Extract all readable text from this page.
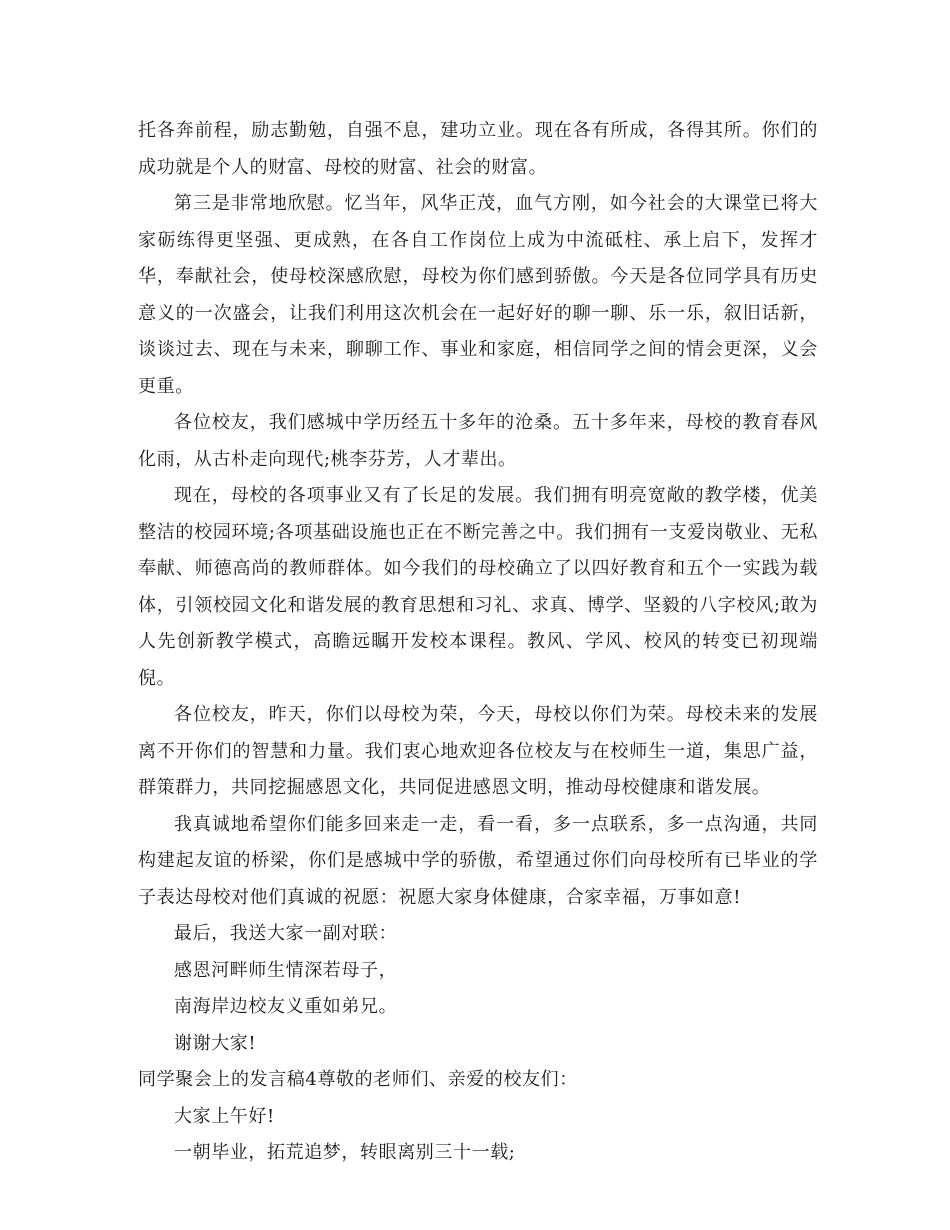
托各奔前程，励志勤勉，自强不息，建功立业。现在各有所成，各得其所。你们的成功就是个人的财富、母校的财富、社会的财富。

第三是非常地欣慰。忆当年，风华正茂，血气方刚，如今社会的大课堂已将大家砺练得更坚强、更成熟，在各自工作岗位上成为中流砥柱、承上启下，发挥才华，奉献社会，使母校深感欣慰，母校为你们感到骄傲。今天是各位同学具有历史意义的一次盛会，让我们利用这次机会在一起好好的聊一聊、乐一乐，叙旧话新，谈谈过去、现在与未来，聊聊工作、事业和家庭，相信同学之间的情会更深，义会更重。

各位校友，我们感城中学历经五十多年的沧桑。五十多年来，母校的教育春风化雨，从古朴走向现代;桃李芬芳，人才辈出。

现在，母校的各项事业又有了长足的发展。我们拥有明亮宽敞的教学楼，优美整洁的校园环境;各项基础设施也正在不断完善之中。我们拥有一支爱岗敬业、无私奉献、师德高尚的教师群体。如今我们的母校确立了以四好教育和五个一实践为载体，引领校园文化和谐发展的教育思想和习礼、求真、博学、坚毅的八字校风;敢为人先创新教学模式，高瞻远瞩开发校本课程。教风、学风、校风的转变已初现端倪。

各位校友，昨天，你们以母校为荣，今天，母校以你们为荣。母校未来的发展离不开你们的智慧和力量。我们衷心地欢迎各位校友与在校师生一道，集思广益，群策群力，共同挖掘感恩文化，共同促进感恩文明，推动母校健康和谐发展。

我真诚地希望你们能多回来走一走，看一看，多一点联系，多一点沟通，共同构建起友谊的桥梁，你们是感城中学的骄傲，希望通过你们向母校所有已毕业的学子表达母校对他们真诚的祝愿：祝愿大家身体健康，合家幸福，万事如意!

最后，我送大家一副对联：

感恩河畔师生情深若母子，

南海岸边校友义重如弟兄。

谢谢大家!

同学聚会上的发言稿4尊敬的老师们、亲爱的校友们：

大家上午好!

一朝毕业，拓荒追梦，转眼离别三十一载;
